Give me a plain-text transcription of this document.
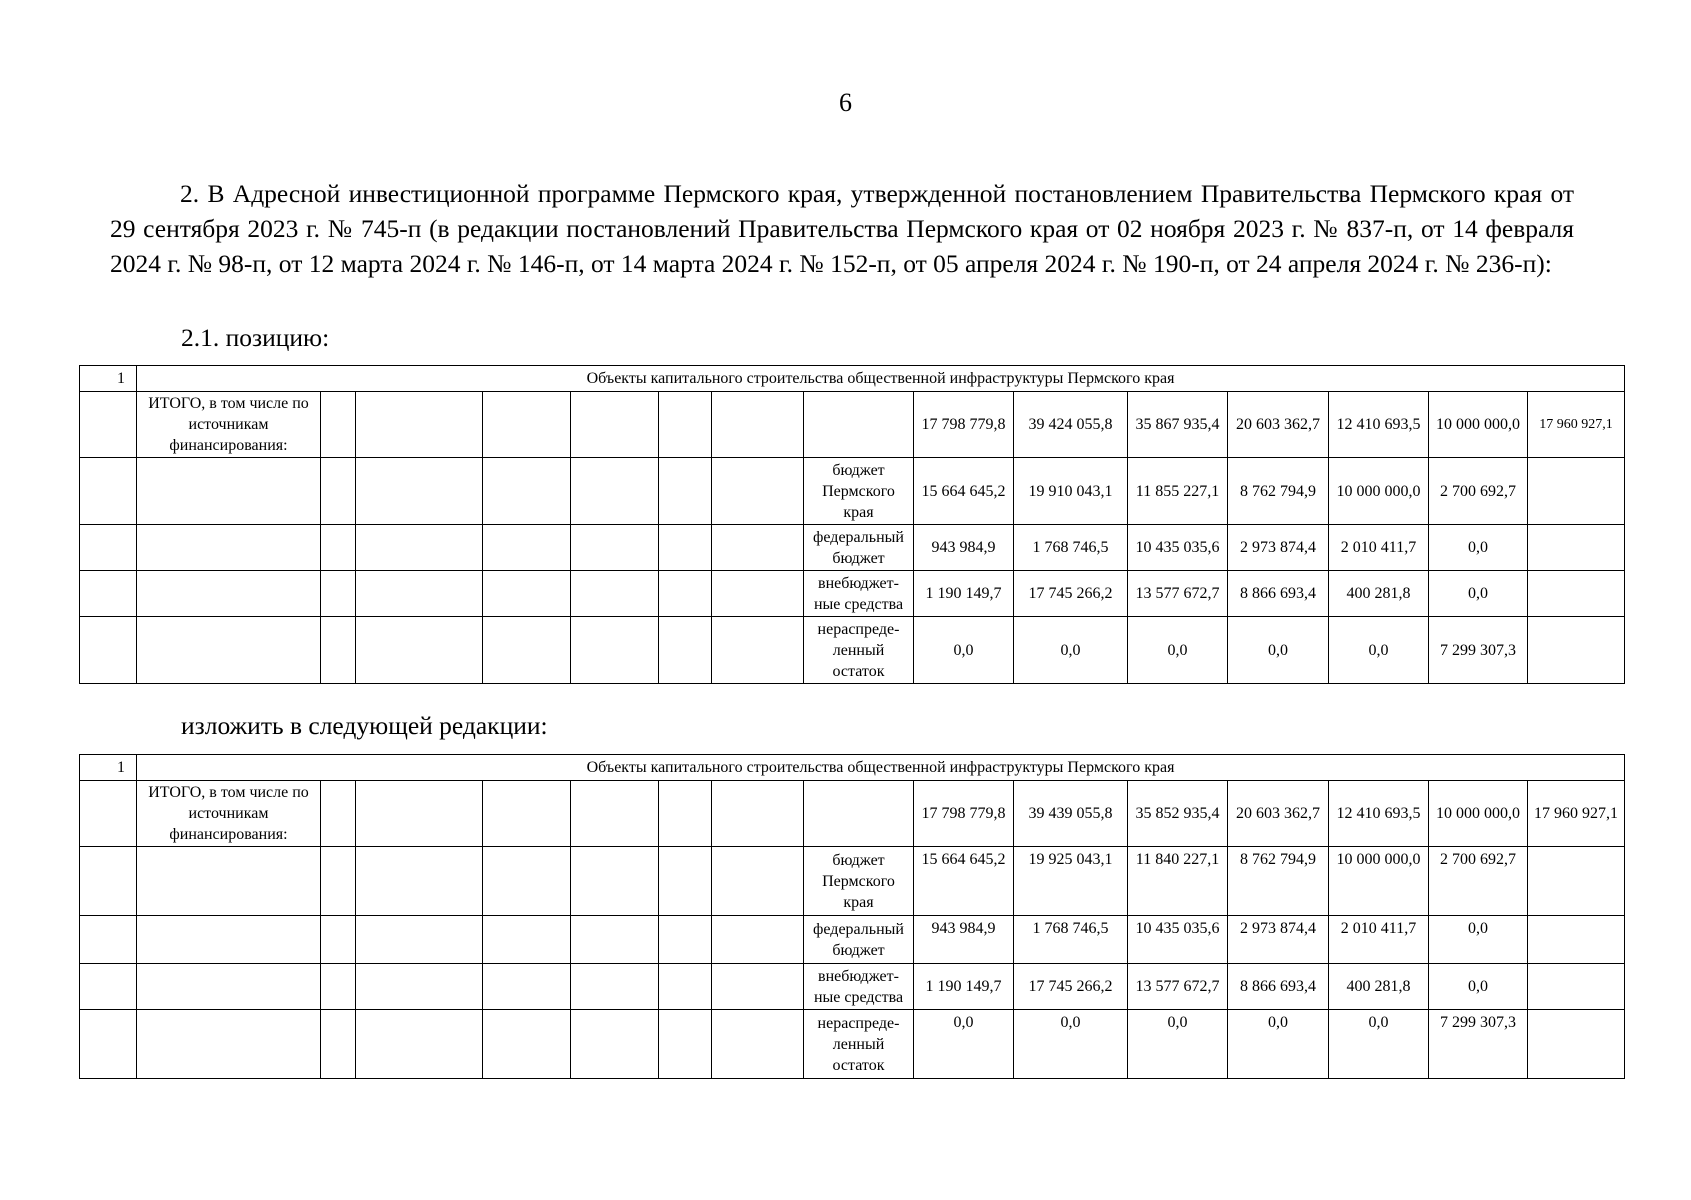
6

2. В Адресной инвестиционной программе Пермского края, утвержденной постановлением Правительства Пермского края от 29 сентября 2023 г. № 745-п (в редакции постановлений Правительства Пермского края от 02 ноября 2023 г. № 837-п, от 14 февраля 2024 г. № 98-п, от 12 марта 2024 г. № 146-п, от 14 марта 2024 г. № 152-п, от 05 апреля 2024 г. № 190-п, от 24 апреля 2024 г. № 236-п):

2.1. позицию:

1	Объекты капитального строительства общественной инфраструктуры Пермского края														
	ИТОГО, в том числе по источникам финансирования:								17 798 779,8	39 424 055,8	35 867 935,4	20 603 362,7	12 410 693,5	10 000 000,0	17 960 927,1
								бюджет Пермского края	15 664 645,2	19 910 043,1	11 855 227,1	8 762 794,9	10 000 000,0	2 700 692,7	
								федеральный бюджет	943 984,9	1 768 746,5	10 435 035,6	2 973 874,4	2 010 411,7	0,0	
								внебюджет-ные средства	1 190 149,7	17 745 266,2	13 577 672,7	8 866 693,4	400 281,8	0,0	
								нераспреде-ленный остаток	0,0	0,0	0,0	0,0	0,0	7 299 307,3	

изложить в следующей редакции:

1	Объекты капитального строительства общественной инфраструктуры Пермского края														
	ИТОГО, в том числе по источникам финансирования:								17 798 779,8	39 439 055,8	35 852 935,4	20 603 362,7	12 410 693,5	10 000 000,0	17 960 927,1
								бюджет Пермского края	15 664 645,2	19 925 043,1	11 840 227,1	8 762 794,9	10 000 000,0	2 700 692,7	
								федеральный бюджет	943 984,9	1 768 746,5	10 435 035,6	2 973 874,4	2 010 411,7	0,0	
								внебюджет-ные средства	1 190 149,7	17 745 266,2	13 577 672,7	8 866 693,4	400 281,8	0,0	
								нераспреде-ленный остаток	0,0	0,0	0,0	0,0	0,0	7 299 307,3	
